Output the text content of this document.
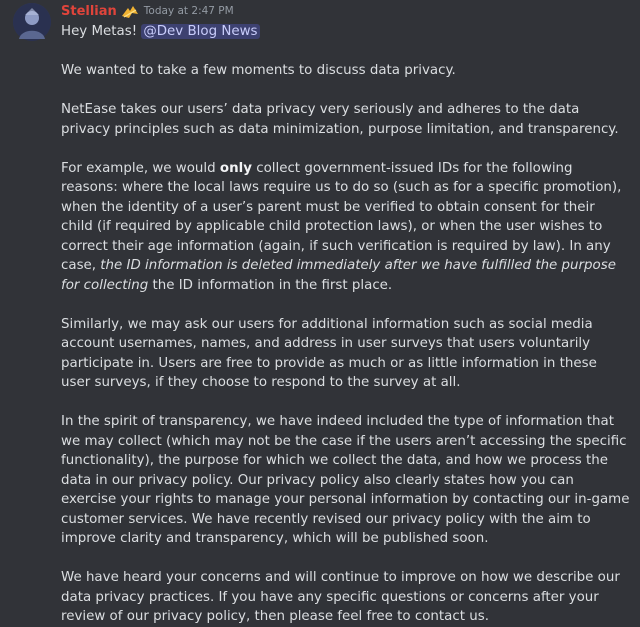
Stellian	Today at 2:47 PM

Hey Metas! @Dev Blog News

We wanted to take a few moments to discuss data privacy.

NetEase takes our users’ data privacy very seriously and adheres to the data privacy principles such as data minimization, purpose limitation, and transparency.

For example, we would only collect government-issued IDs for the following reasons: where the local laws require us to do so (such as for a specific promotion), when the identity of a user’s parent must be verified to obtain consent for their child (if required by applicable child protection laws), or when the user wishes to correct their age information (again, if such verification is required by law). In any case, the ID information is deleted immediately after we have fulfilled the purpose for collecting the ID information in the first place.

Similarly, we may ask our users for additional information such as social media account usernames, names, and address in user surveys that users voluntarily participate in. Users are free to provide as much or as little information in these user surveys, if they choose to respond to the survey at all.

In the spirit of transparency, we have indeed included the type of information that we may collect (which may not be the case if the users aren’t accessing the specific functionality), the purpose for which we collect the data, and how we process the data in our privacy policy. Our privacy policy also clearly states how you can exercise your rights to manage your personal information by contacting our in-game customer services. We have recently revised our privacy policy with the aim to improve clarity and transparency, which will be published soon.

We have heard your concerns and will continue to improve on how we describe our data privacy practices. If you have any specific questions or concerns after your review of our privacy policy, then please feel free to contact us.
